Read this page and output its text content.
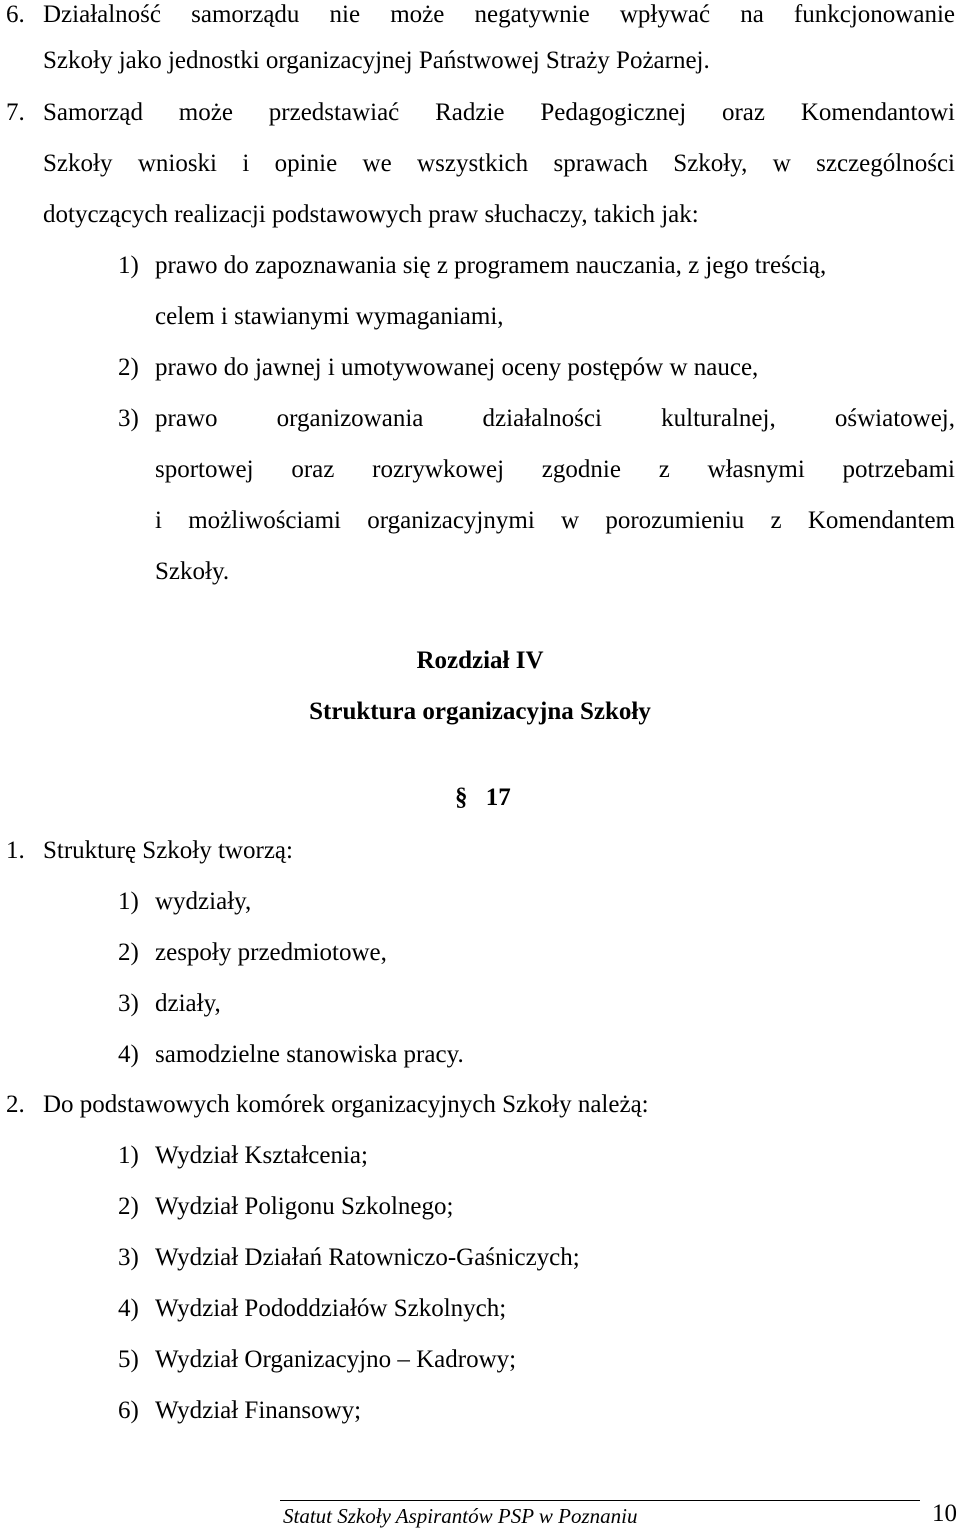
6. Działalność samorządu nie może negatywnie wpływać na funkcjonowanie
Szkoły jako jednostki organizacyjnej Państwowej Straży Pożarnej.
7. Samorząd może przedstawiać Radzie Pedagogicznej oraz Komendantowi
Szkoły wnioski i opinie we wszystkich sprawach Szkoły, w szczególności
dotyczących realizacji podstawowych praw słuchaczy, takich jak:
1) prawo do zapoznawania się z programem nauczania, z jego treścią,
celem i stawianymi wymaganiami,
2) prawo do jawnej i umotywowanej oceny postępów w nauce,
3) prawo organizowania działalności kulturalnej, oświatowej,
sportowej oraz rozrywkowej zgodnie z własnymi potrzebami
i możliwościami organizacyjnymi w porozumieniu z Komendantem
Szkoły.
Rozdział IV
Struktura organizacyjna Szkoły
§ 17
1. Strukturę Szkoły tworzą:
1) wydziały,
2) zespoły przedmiotowe,
3) działy,
4) samodzielne stanowiska pracy.
2. Do podstawowych komórek organizacyjnych Szkoły należą:
1) Wydział Kształcenia;
2) Wydział Poligonu Szkolnego;
3) Wydział Działań Ratowniczo-Gaśniczych;
4) Wydział Pododdziałów Szkolnych;
5) Wydział Organizacyjno – Kadrowy;
6) Wydział Finansowy;
Statut Szkoły Aspirantów PSP w Poznaniu	10
